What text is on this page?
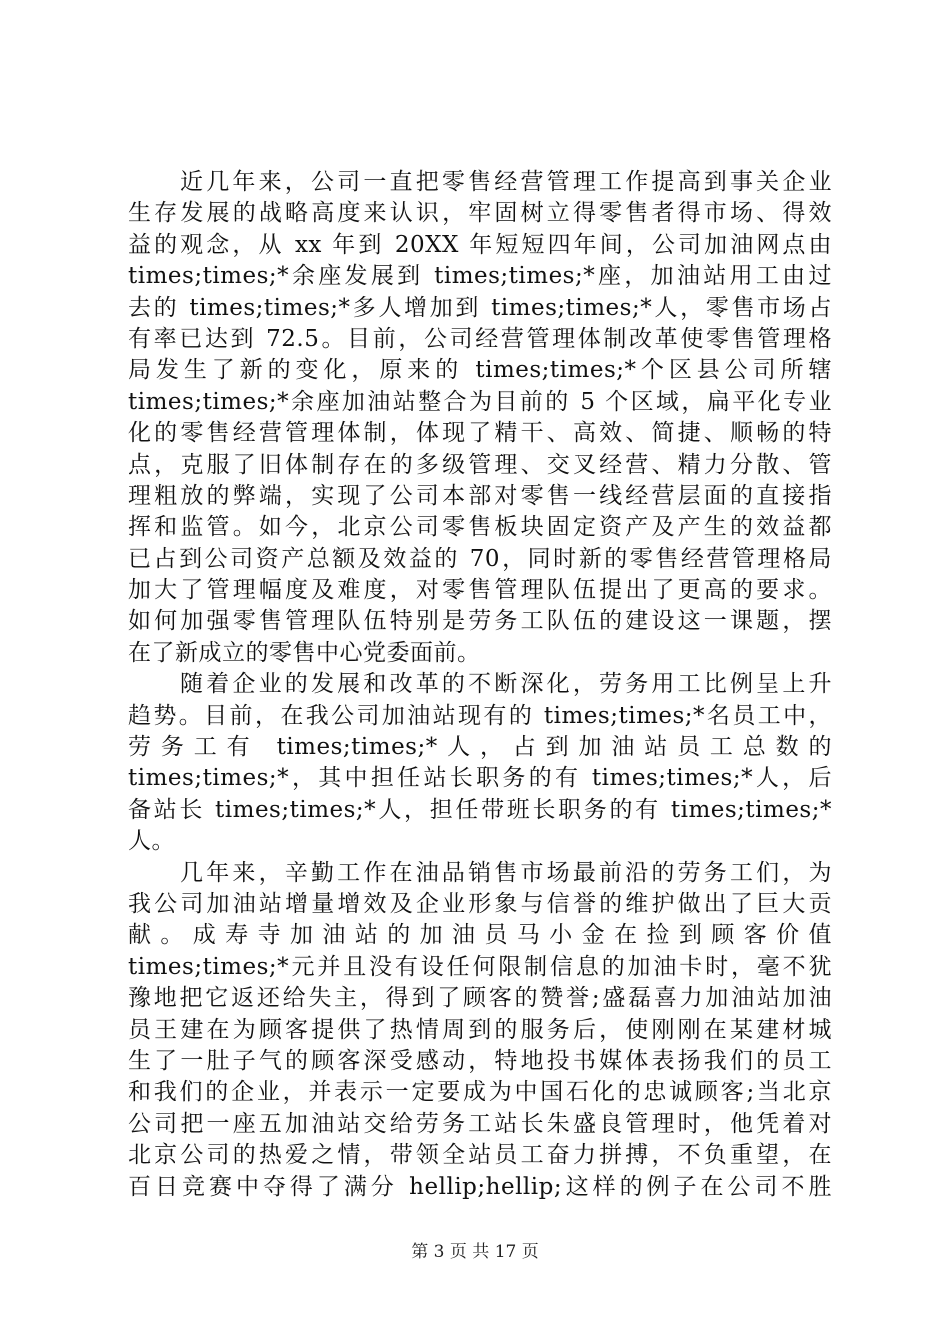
近几年来，公司一直把零售经营管理工作提高到事关企业
生存发展的战略高度来认识，牢固树立得零售者得市场、得效
益的观念，从 xx 年到 20XX 年短短四年间，公司加油网点由
times;times;*余座发展到 times;times;*座，加油站用工由过
去的 times;times;*多人增加到 times;times;*人，零售市场占
有率已达到 72.5。目前，公司经营管理体制改革使零售管理格
局发生了新的变化，原来的 times;times;*个区县公司所辖
times;times;*余座加油站整合为目前的 5 个区域，扁平化专业
化的零售经营管理体制，体现了精干、高效、简捷、顺畅的特
点，克服了旧体制存在的多级管理、交叉经营、精力分散、管
理粗放的弊端，实现了公司本部对零售一线经营层面的直接指
挥和监管。如今，北京公司零售板块固定资产及产生的效益都
已占到公司资产总额及效益的 70，同时新的零售经营管理格局
加大了管理幅度及难度，对零售管理队伍提出了更高的要求。
如何加强零售管理队伍特别是劳务工队伍的建设这一课题，摆
在了新成立的零售中心党委面前。
随着企业的发展和改革的不断深化，劳务用工比例呈上升
趋势。目前，在我公司加油站现有的 times;times;*名员工中，
劳务工有 times;times;*人，占到加油站员工总数的
times;times;*，其中担任站长职务的有 times;times;*人，后
备站长 times;times;*人，担任带班长职务的有 times;times;*
人。
几年来，辛勤工作在油品销售市场最前沿的劳务工们，为
我公司加油站增量增效及企业形象与信誉的维护做出了巨大贡
献。成寿寺加油站的加油员马小金在捡到顾客价值
times;times;*元并且没有设任何限制信息的加油卡时，毫不犹
豫地把它返还给失主，得到了顾客的赞誉;盛磊喜力加油站加油
员王建在为顾客提供了热情周到的服务后，使刚刚在某建材城
生了一肚子气的顾客深受感动，特地投书媒体表扬我们的员工
和我们的企业，并表示一定要成为中国石化的忠诚顾客;当北京
公司把一座五加油站交给劳务工站长朱盛良管理时，他凭着对
北京公司的热爱之情，带领全站员工奋力拼搏，不负重望，在
百日竞赛中夺得了满分 hellip;hellip;这样的例子在公司不胜
第 3 页 共 17 页
